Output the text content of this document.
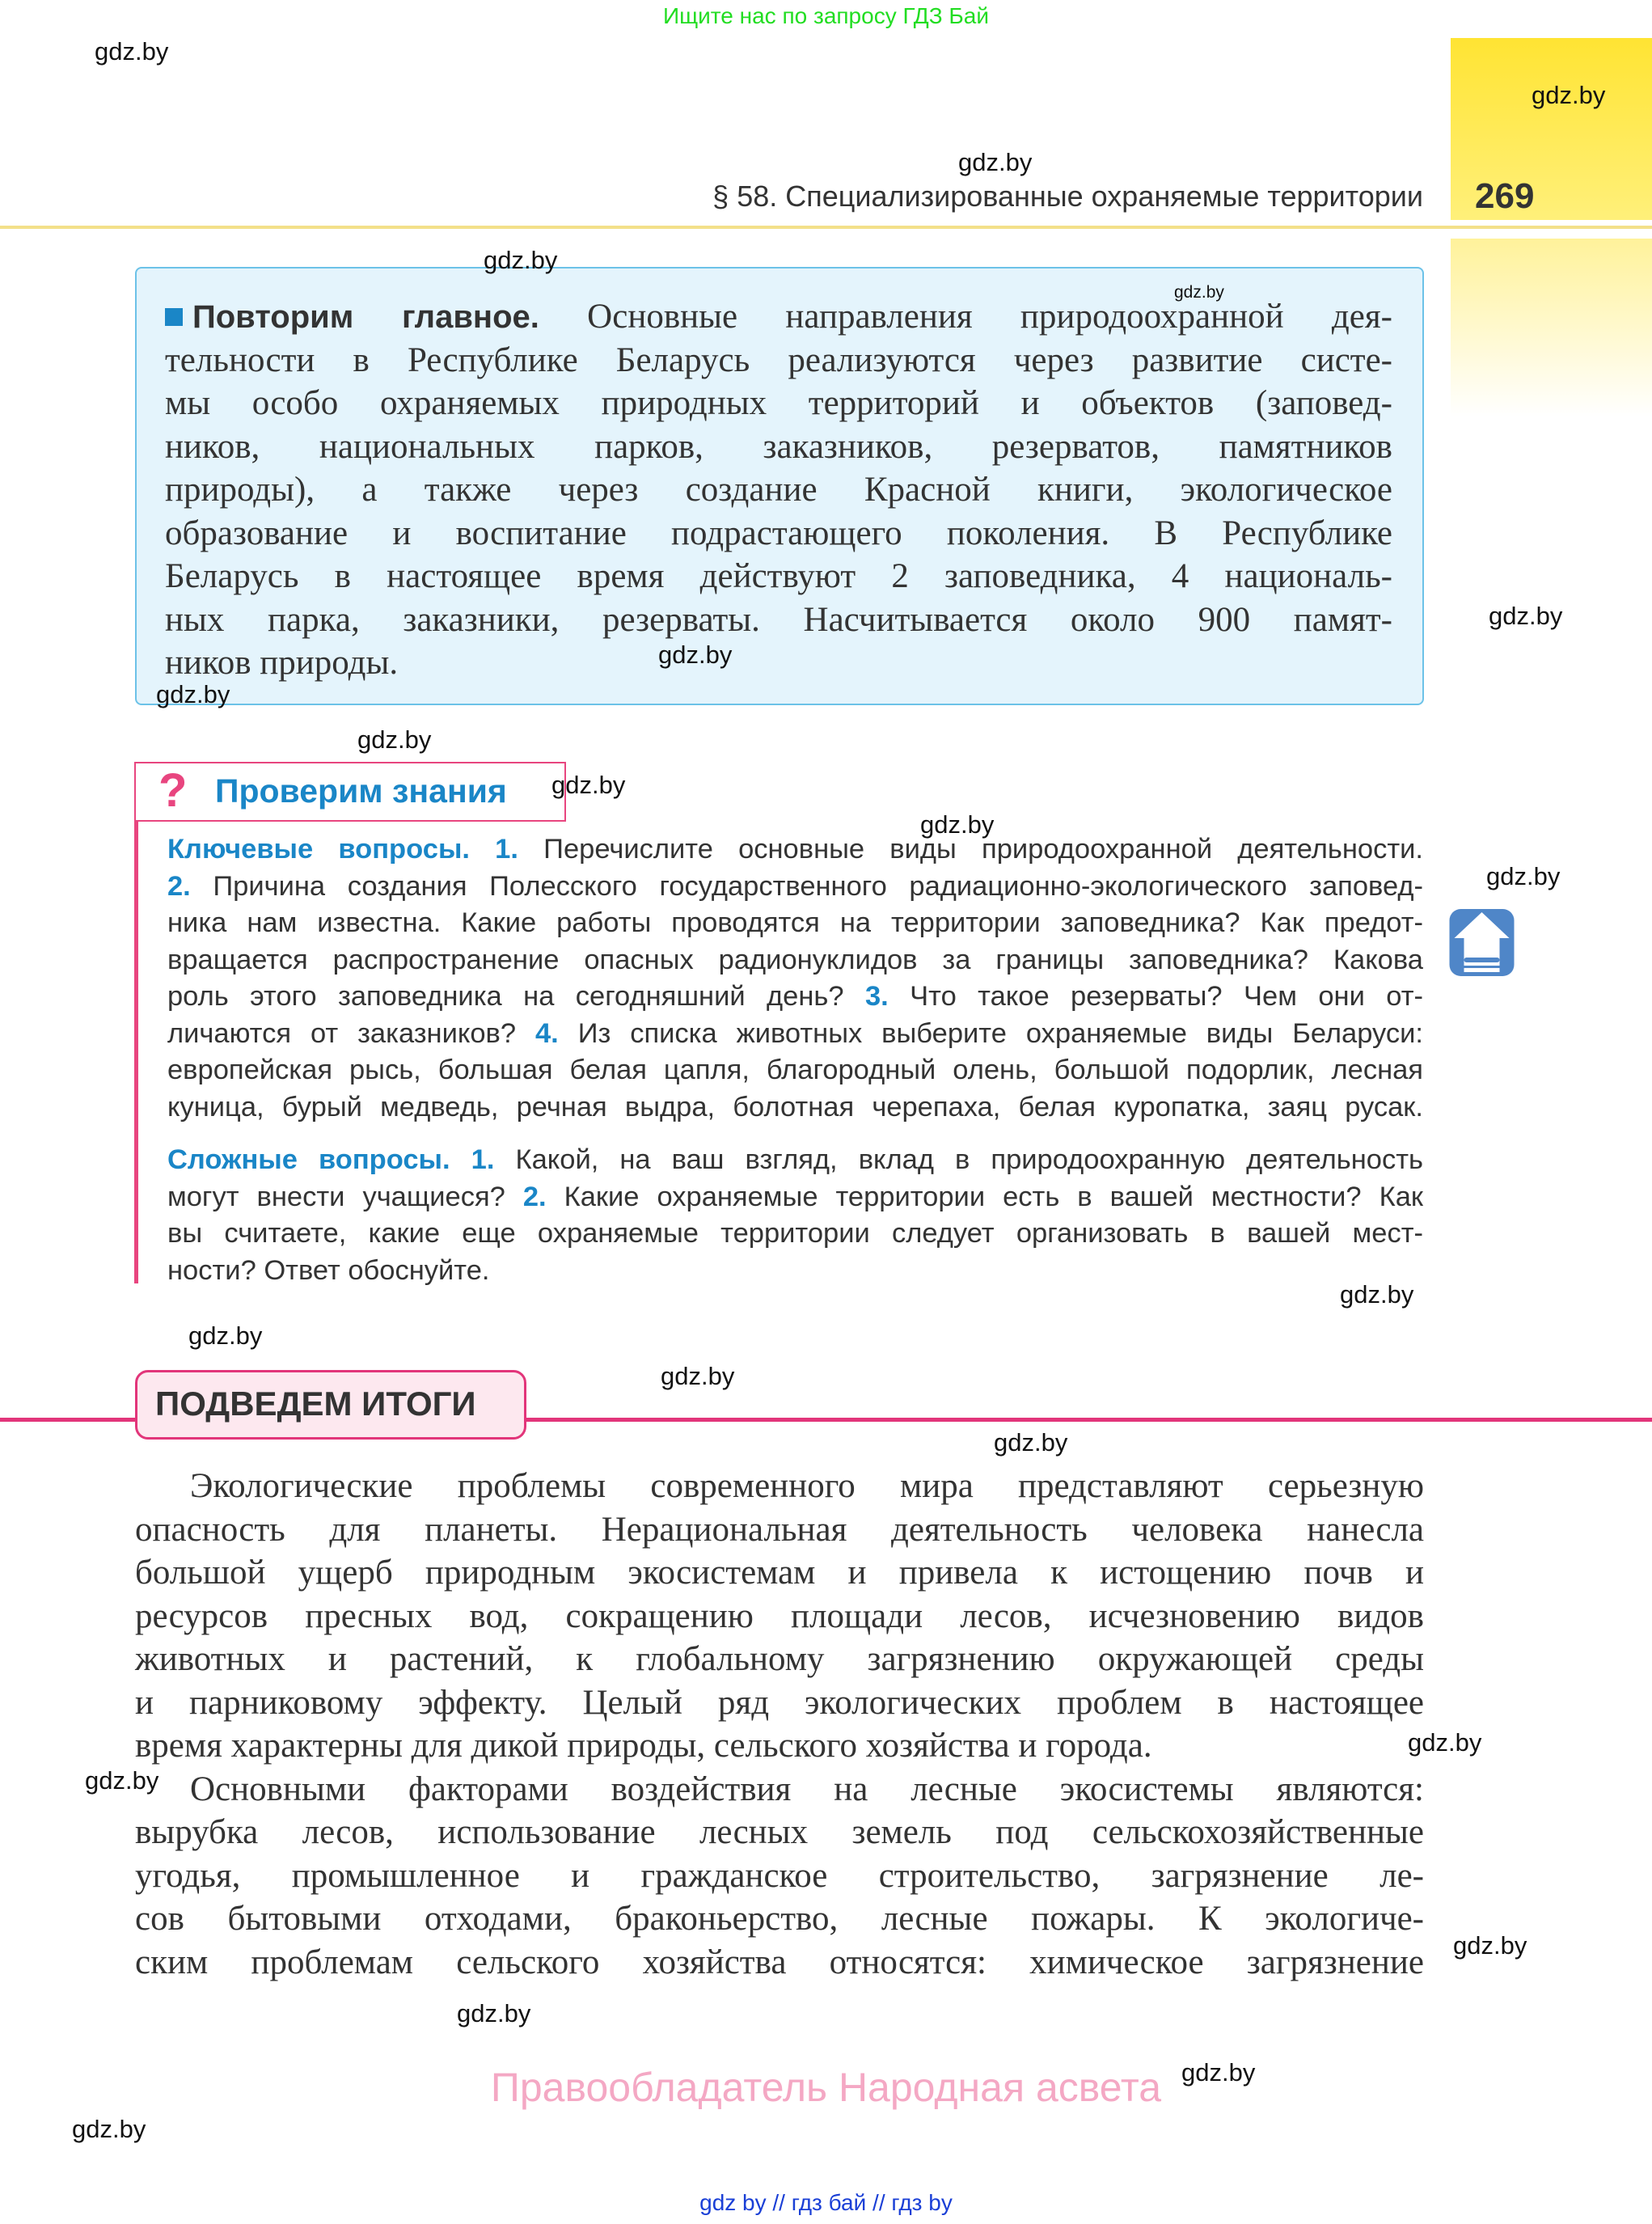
Ищите нас по запросу ГДЗ Бай
§ 58. Специализированные охраняемые территории 269
Повторим главное. Основные направления природоохранной дея-
тельности в Республике Беларусь реализуются через развитие систе-
мы особо охраняемых природных территорий и объектов (заповед-
ников, национальных парков, заказников, резерватов, памятников
природы), а также через создание Красной книги, экологическое
образование и воспитание подрастающего поколения. В Республике
Беларусь в настоящее время действуют 2 заповедника, 4 националь-
ных парка, заказники, резерваты. Насчитывается около 900 памят-
ников природы.
? Проверим знания
Ключевые вопросы. 1. Перечислите основные виды природоохранной деятельности.
2. Причина создания Полесского государственного радиационно-экологического заповед-
ника нам известна. Какие работы проводятся на территории заповедника? Как предот-
вращается распространение опасных радионуклидов за границы заповедника? Какова
роль этого заповедника на сегодняшний день? 3. Что такое резерваты? Чем они от-
личаются от заказников? 4. Из списка животных выберите охраняемые виды Беларуси:
европейская рысь, большая белая цапля, благородный олень, большой подорлик, лесная
куница, бурый медведь, речная выдра, болотная черепаха, белая куропатка, заяц русак.
Сложные вопросы. 1. Какой, на ваш взгляд, вклад в природоохранную деятельность
могут внести учащиеся? 2. Какие охраняемые территории есть в вашей местности? Как
вы считаете, какие еще охраняемые территории следует организовать в вашей мест-
ности? Ответ обоснуйте.
ПОДВЕДЕМ ИТОГИ
Экологические проблемы современного мира представляют серьезную
опасность для планеты. Нерациональная деятельность человека нанесла
большой ущерб природным экосистемам и привела к истощению почв и
ресурсов пресных вод, сокращению площади лесов, исчезновению видов
животных и растений, к глобальному загрязнению окружающей среды
и парниковому эффекту. Целый ряд экологических проблем в настоящее
время характерны для дикой природы, сельского хозяйства и города.
Основными факторами воздействия на лесные экосистемы являются:
вырубка лесов, использование лесных земель под сельскохозяйственные
угодья, промышленное и гражданское строительство, загрязнение ле-
сов бытовыми отходами, браконьерство, лесные пожары. К экологиче-
ским проблемам сельского хозяйства относятся: химическое загрязнение
Правообладатель Народная асвета
gdz by // гдз бай // гдз by
gdz.by
gdz.by
gdz.by
gdz.by
gdz.by
gdz.by
gdz.by
gdz.by
gdz.by
gdz.by
gdz.by
gdz.by
gdz.by
gdz.by
gdz.by
gdz.by
gdz.by
gdz.by
gdz.by
gdz.by
gdz.by
gdz.by
